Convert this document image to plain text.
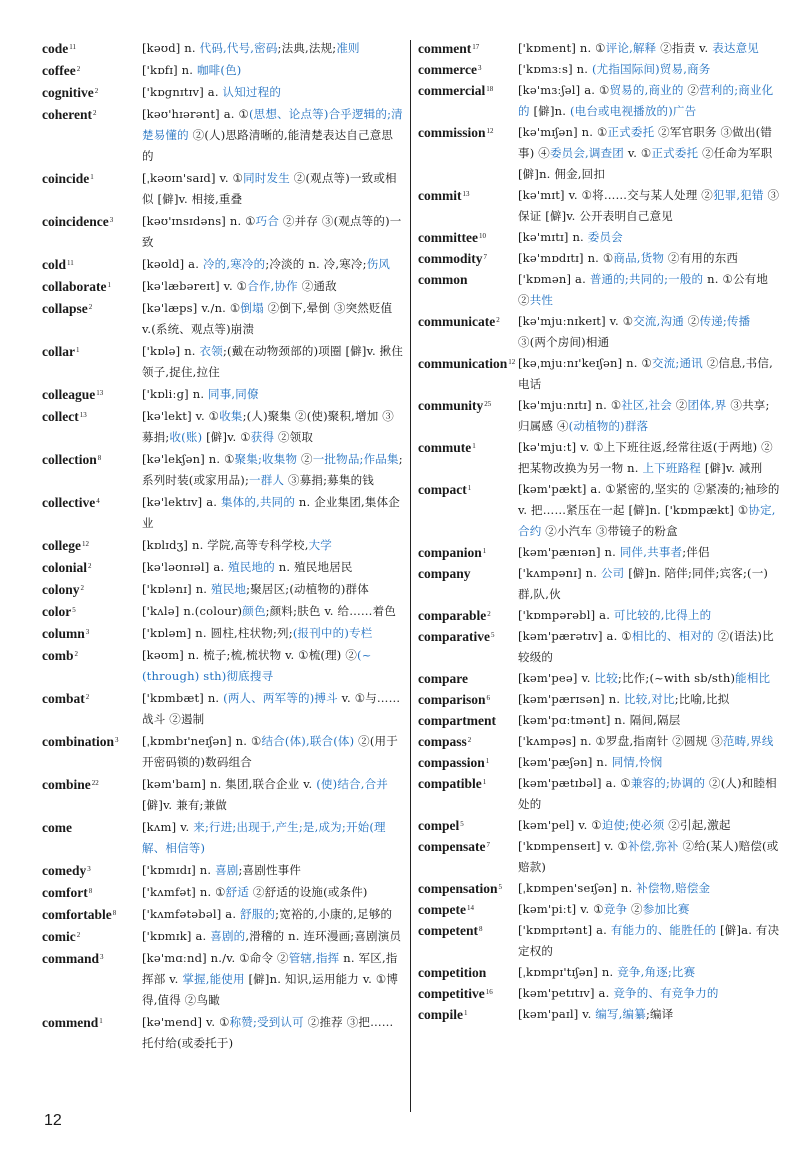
code$^{11}$	[kəʊd] n. 代码,代号,密码;法典,法规;准则
coffee$^2$	['kɒfɪ] n. 咖啡(色)
cognitive$^2$	['kɒgnɪtɪv] a. 认知过程的
coherent$^2$	[kəʊ'hɪərənt] a. ①(思想、论点等)合乎逻辑的;清楚易懂的 ②(人)思路清晰的,能清楚表达自己意思的
coincide$^1$	[ˌkəʊɪn'saɪd] v. ①同时发生 ②(观点等)一致或相似 [僻]v. 相接,重叠
coincidence$^3$	[kəʊ'ɪnsɪdəns] n. ①巧合 ②并存 ③(观点等的)一致
cold$^{11}$	[kəʊld] a. 冷的,寒冷的;冷淡的 n. 冷,寒冷;伤风
collaborate$^1$	[kə'læbəreɪt] v. ①合作,协作 ②通敌
collapse$^2$	[kə'læps] v./n. ①倒塌 ②倒下,晕倒 ③突然贬值 v.(系统、观点等)崩溃
collar$^1$	['kɒlə] n. 衣领;(戴在动物颈部的)项圈 [僻]v. 揪住领子,捉住,拉住
colleague$^{13}$	['kɒliːg] n. 同事,同僚
collect$^{13}$	[kə'lekt] v. ①收集;(人)聚集 ②(使)聚积,增加 ③募捐;收(账) [僻]v. ①获得 ②领取
collection$^8$	[kə'lekʃən] n. ①聚集;收集物 ②一批物品;作品集;系列时装(或家用品);一群人 ③募捐;募集的钱
collective$^4$	[kə'lektɪv] a. 集体的,共同的 n. 企业集团,集体企业
college$^{12}$	[kɒlɪdʒ] n. 学院,高等专科学校,大学
colonial$^2$	[kə'ləʊnɪəl] a. 殖民地的 n. 殖民地居民
colony$^2$	['kɒlənɪ] n. 殖民地;聚居区;(动植物的)群体
color$^5$	['kʌlə] n.(colour)颜色;颜料;肤色 v. 给……着色
column$^3$	['kɒləm] n. 圆柱,柱状物;列;(报刊中的)专栏
comb$^2$	[kəʊm] n. 梳子;梳,梳状物 v. ①梳(理) ②(~(through) sth)彻底搜寻
combat$^2$	['kɒmbæt] n. (两人、两军等的)搏斗 v. ①与……战斗 ②遏制
combination$^3$	[ˌkɒmbɪ'neɪʃən] n. ①结合(体),联合(体) ②(用于开密码锁的)数码组合
combine$^{22}$	[kəm'baɪn] n. 集团,联合企业 v. (使)结合,合并 [僻]v. 兼有;兼做
come	[kʌm] v. 来;行进;出现于,产生;是,成为;开始(理解、相信等)
comedy$^3$	['kɒmɪdɪ] n. 喜剧;喜剧性事件
comfort$^8$	['kʌmfət] n. ①舒适 ②舒适的设施(或条件)
comfortable$^8$	['kʌmfətəbəl] a. 舒服的;宽裕的,小康的,足够的
comic$^2$	['kɒmɪk] a. 喜剧的,滑稽的 n. 连环漫画;喜剧演员
command$^3$	[kə'mɑːnd] n./v. ①命令 ②管辖,指挥 n. 军区,指挥部 v. 掌握,能使用 [僻]n. 知识,运用能力 v. ①博得,值得 ②鸟瞰
commend$^1$	[kə'mend] v. ①称赞;受到认可 ②推荐 ③把……托付给(或委托于)
comment$^{17}$	['kɒment] n. ①评论,解释 ②指责 v. 表达意见
commerce$^3$	['kɒmɜːs] n. (尤指国际间)贸易,商务
commercial$^{18}$	[kə'mɜːʃəl] a. ①贸易的,商业的 ②营利的;商业化的 [僻]n. (电台或电视播放的)广告
commission$^{12}$	[kə'mɪʃən] n. ①正式委托 ②军官职务 ③做出(错事) ④委员会,调查团 v. ①正式委托 ②任命为军职 [僻]n. 佣金,回扣
commit$^{13}$	[kə'mɪt] v. ①将……交与某人处理 ②犯罪,犯错 ③保证 [僻]v. 公开表明自己意见
committee$^{10}$	[kə'mɪtɪ] n. 委员会
commodity$^7$	[kə'mɒdɪtɪ] n. ①商品,货物 ②有用的东西
common	['kɒmən] a. 普通的;共同的;一般的 n. ①公有地 ②共性
communicate$^2$	[kə'mjuːnɪkeɪt] v. ①交流,沟通 ②传递;传播 ③(两个房间)相通
communication$^{12}$ [kəˌmjuːnɪ'keɪʃən] n. ①交流;通讯 ②信息,书信,电话
community$^{25}$	[kə'mjuːnɪtɪ] n. ①社区,社会 ②团体,界 ③共享;归属感 ④(动植物的)群落
commute$^1$	[kə'mjuːt] v. ①上下班往返,经常往返(于两地) ②把某物改换为另一物 n. 上下班路程 [僻]v. 减刑
compact$^1$	[kəm'pækt] a. ①紧密的,坚实的 ②紧凑的;袖珍的 v. 把……紧压在一起 [僻]n. ['kɒmpækt] ①协定,合约 ②小汽车 ③带镜子的粉盒
companion$^1$	[kəm'pænɪən] n. 同伴,共事者;伴侣
company	['kʌmpənɪ] n. 公司 [僻]n. 陪伴;同伴;宾客;(一)群,队,伙
comparable$^2$	['kɒmpərəbl] a. 可比较的,比得上的
comparative$^5$	[kəm'pærətɪv] a. ①相比的、相对的 ②(语法)比较级的
compare	[kəm'peə] v. 比较;比作;(~with sb/sth)能相比
comparison$^6$	[kəm'pærɪsən] n. 比较,对比;比喻,比拟
compartment	[kəm'pɑːtmənt] n. 隔间,隔层
compass$^2$	['kʌmpəs] n. ①罗盘,指南针 ②圆规 ③范畴,界线
compassion$^1$	[kəm'pæʃən] n. 同情,怜悯
compatible$^1$	[kəm'pætɪbəl] a. ①兼容的;协调的 ②(人)和睦相处的
compel$^5$	[kəm'pel] v. ①迫使;使必须 ②引起,激起
compensate$^7$	['kɒmpenseɪt] v. ①补偿,弥补 ②给(某人)赔偿(或赔款)
compensation$^5$	[ˌkɒmpen'seɪʃən] n. 补偿物,赔偿金
compete$^{14}$	[kəm'piːt] v. ①竞争 ②参加比赛
competent$^8$	['kɒmpɪtənt] a. 有能力的、能胜任的 [僻]a. 有决定权的
competition	[ˌkɒmpɪ'tɪʃən] n. 竞争,角逐;比赛
competitive$^{16}$	[kəm'petɪtɪv] a. 竞争的、有竞争力的
compile$^1$	[kəm'paɪl] v. 编写,编纂;编译
12
